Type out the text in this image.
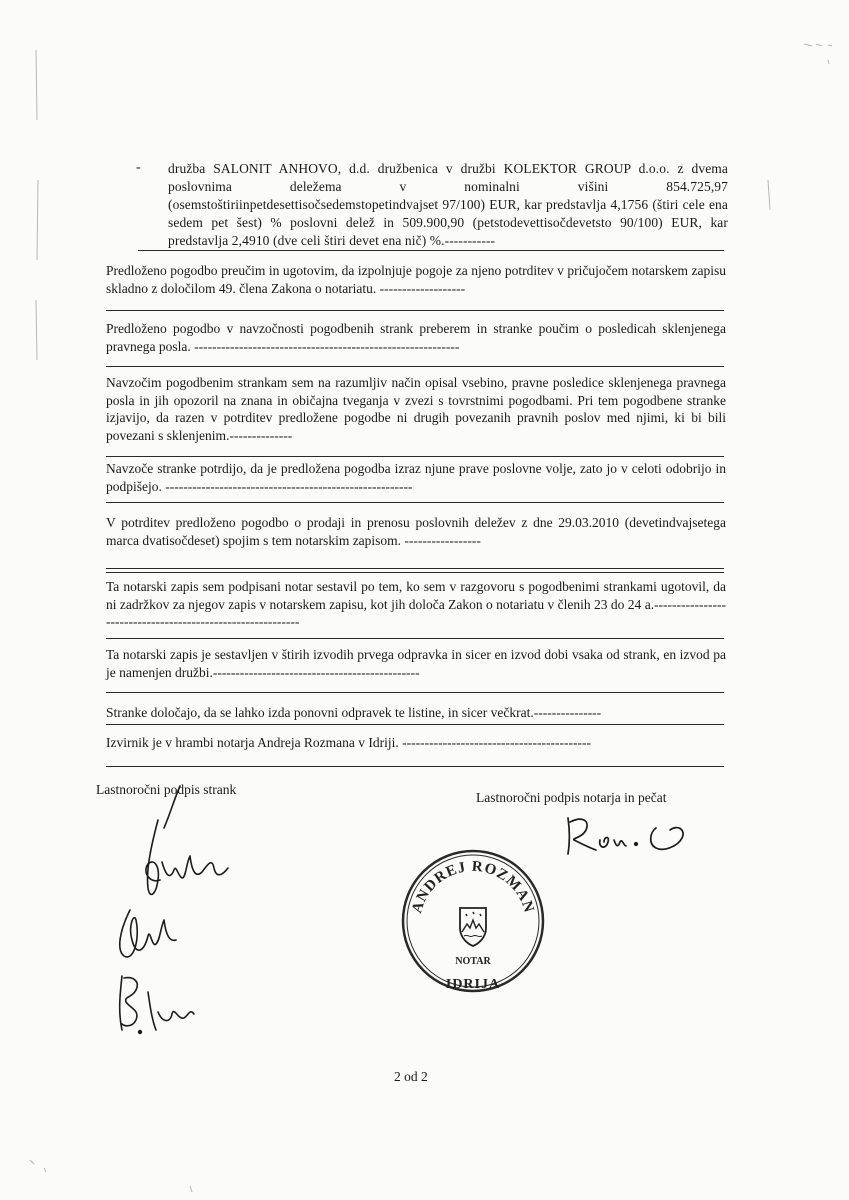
- družba SALONIT ANHOVO, d.d. družbenica v družbi KOLEKTOR GROUP d.o.o. z dvema poslovnima deležema v nominalni višini 854.725,97 (osemstoštiriinpetdesettisočsedemstopetindvajset 97/100) EUR, kar predstavlja 4,1756 (štiri cele ena sedem pet šest) % poslovni delež in 509.900,90 (petstodevettisočdevetsto 90/100) EUR, kar predstavlja 2,4910 (dve celi štiri devet ena nič) %.-----------
Predloženo pogodbo preučim in ugotovim, da izpolnjuje pogoje za njeno potrditev v pričujočem notarskem zapisu skladno z določilom 49. člena Zakona o notariatu. -------------------
Predloženo pogodbo v navzočnosti pogodbenih strank preberem in stranke poučim o posledicah sklenjenega pravnega posla. -----------------------------------------------------------
Navzočim pogodbenim strankam sem na razumljiv način opisal vsebino, pravne posledice sklenjenega pravnega posla in jih opozoril na znana in običajna tveganja v zvezi s tovrstnimi pogodbami. Pri tem pogodbene stranke izjavijo, da razen v potrditev predložene pogodbe ni drugih povezanih pravnih poslov med njimi, ki bi bili povezani s sklenjenim.--------------
Navzoče stranke potrdijo, da je predložena pogodba izraz njune prave poslovne volje, zato jo v celoti odobrijo in podpišejo. -------------------------------------------------------
V potrditev predloženo pogodbo o prodaji in prenosu poslovnih deležev z dne 29.03.2010 (devetindvajsetega marca dvatisočdeset) spojim s tem notarskim zapisom. -----------------
Ta notarski zapis sem podpisani notar sestavil po tem, ko sem v razgovoru s pogodbenimi strankami ugotovil, da ni zadržkov za njegov zapis v notarskem zapisu, kot jih določa Zakon o notariatu v členih 23 do 24 a.-----------------------------------------------------------
Ta notarski zapis je sestavljen v štirih izvodih prvega odpravka in sicer en izvod dobi vsaka od strank, en izvod pa je namenjen družbi.----------------------------------------------
Stranke določajo, da se lahko izda ponovni odpravek te listine, in sicer večkrat.---------------
Izvirnik je v hrambi notarja Andreja Rozmana v Idriji. ------------------------------------------
Lastnoročni podpis strank
Lastnoročni podpis notarja in pečat
ANDREJ ROZMAN
NOTAR
IDRIJA
2 od 2
